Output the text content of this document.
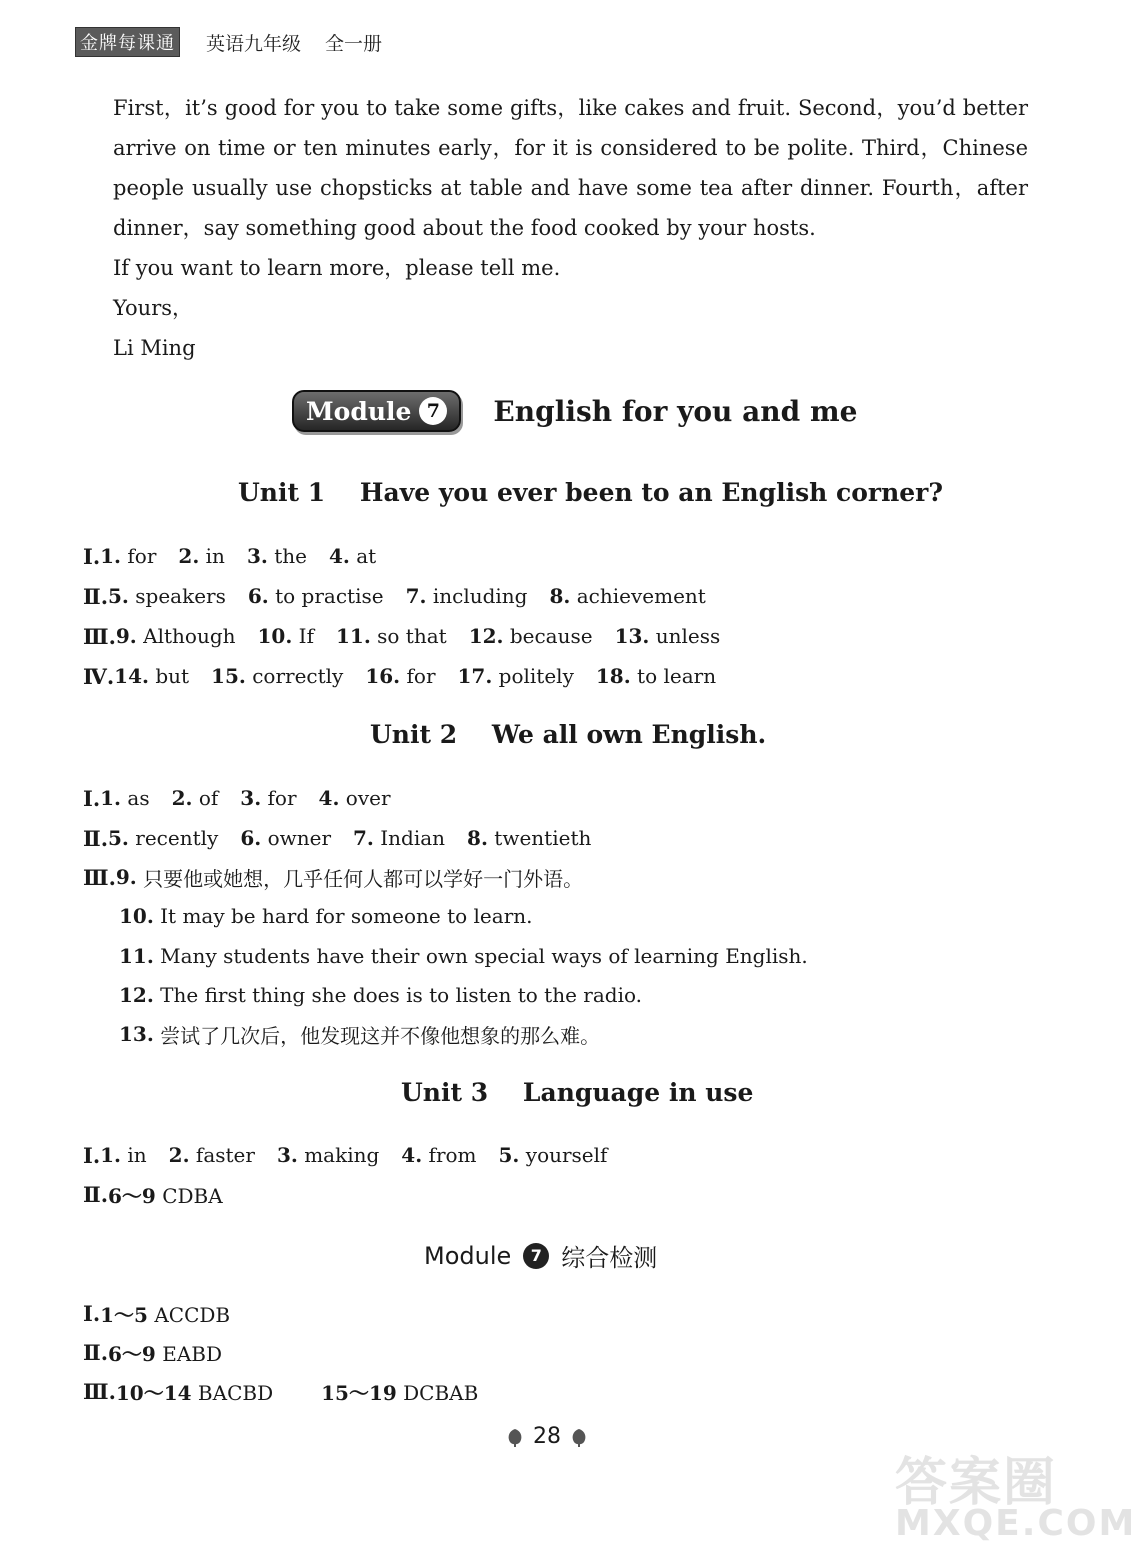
金牌每课通 英语九年级 全一册

First，it’s good for you to take some gifts，like cakes and fruit. Second，you’d better arrive on time or ten minutes early，for it is considered to be polite. Third，Chinese people usually use chopsticks at table and have some tea after dinner. Fourth，after dinner，say something good about the food cooked by your hosts.

If you want to learn more，please tell me.

Yours，

Li Ming

Module 7 English for you and me
Unit 1    Have you ever been to an English corner?
Ⅰ. 1. for 2. in 3. the 4. at
Ⅱ. 5. speakers 6. to practise 7. including 8. achievement
Ⅲ. 9. Although 10. If 11. so that 12. because 13. unless
Ⅳ. 14. but 15. correctly 16. for 17. politely 18. to learn
Unit 2    We all own English.
Ⅰ. 1. as 2. of 3. for 4. over
Ⅱ. 5. recently 6. owner 7. Indian 8. twentieth
Ⅲ. 9.
只要他或她想，几乎任何人都可以学好一门外语。
10.
It may be hard for someone to learn.
11.
Many students have their own special ways of learning English.
12.
The first thing she does is to listen to the radio.
13.
尝试了几次后，他发现这并不像他想象的那么难。
Unit 3    Language in use
Ⅰ. 1. in 2. faster 3. making 4. from 5. yourself
Ⅱ. 6～9 CDBA
Module	7 综合检测
Ⅰ. 1～5 ACCDB
Ⅱ. 6～9 EABD
Ⅲ. 10～14 BACBD 15～19 DCBAB
28
答案圈
MXQE.COM
